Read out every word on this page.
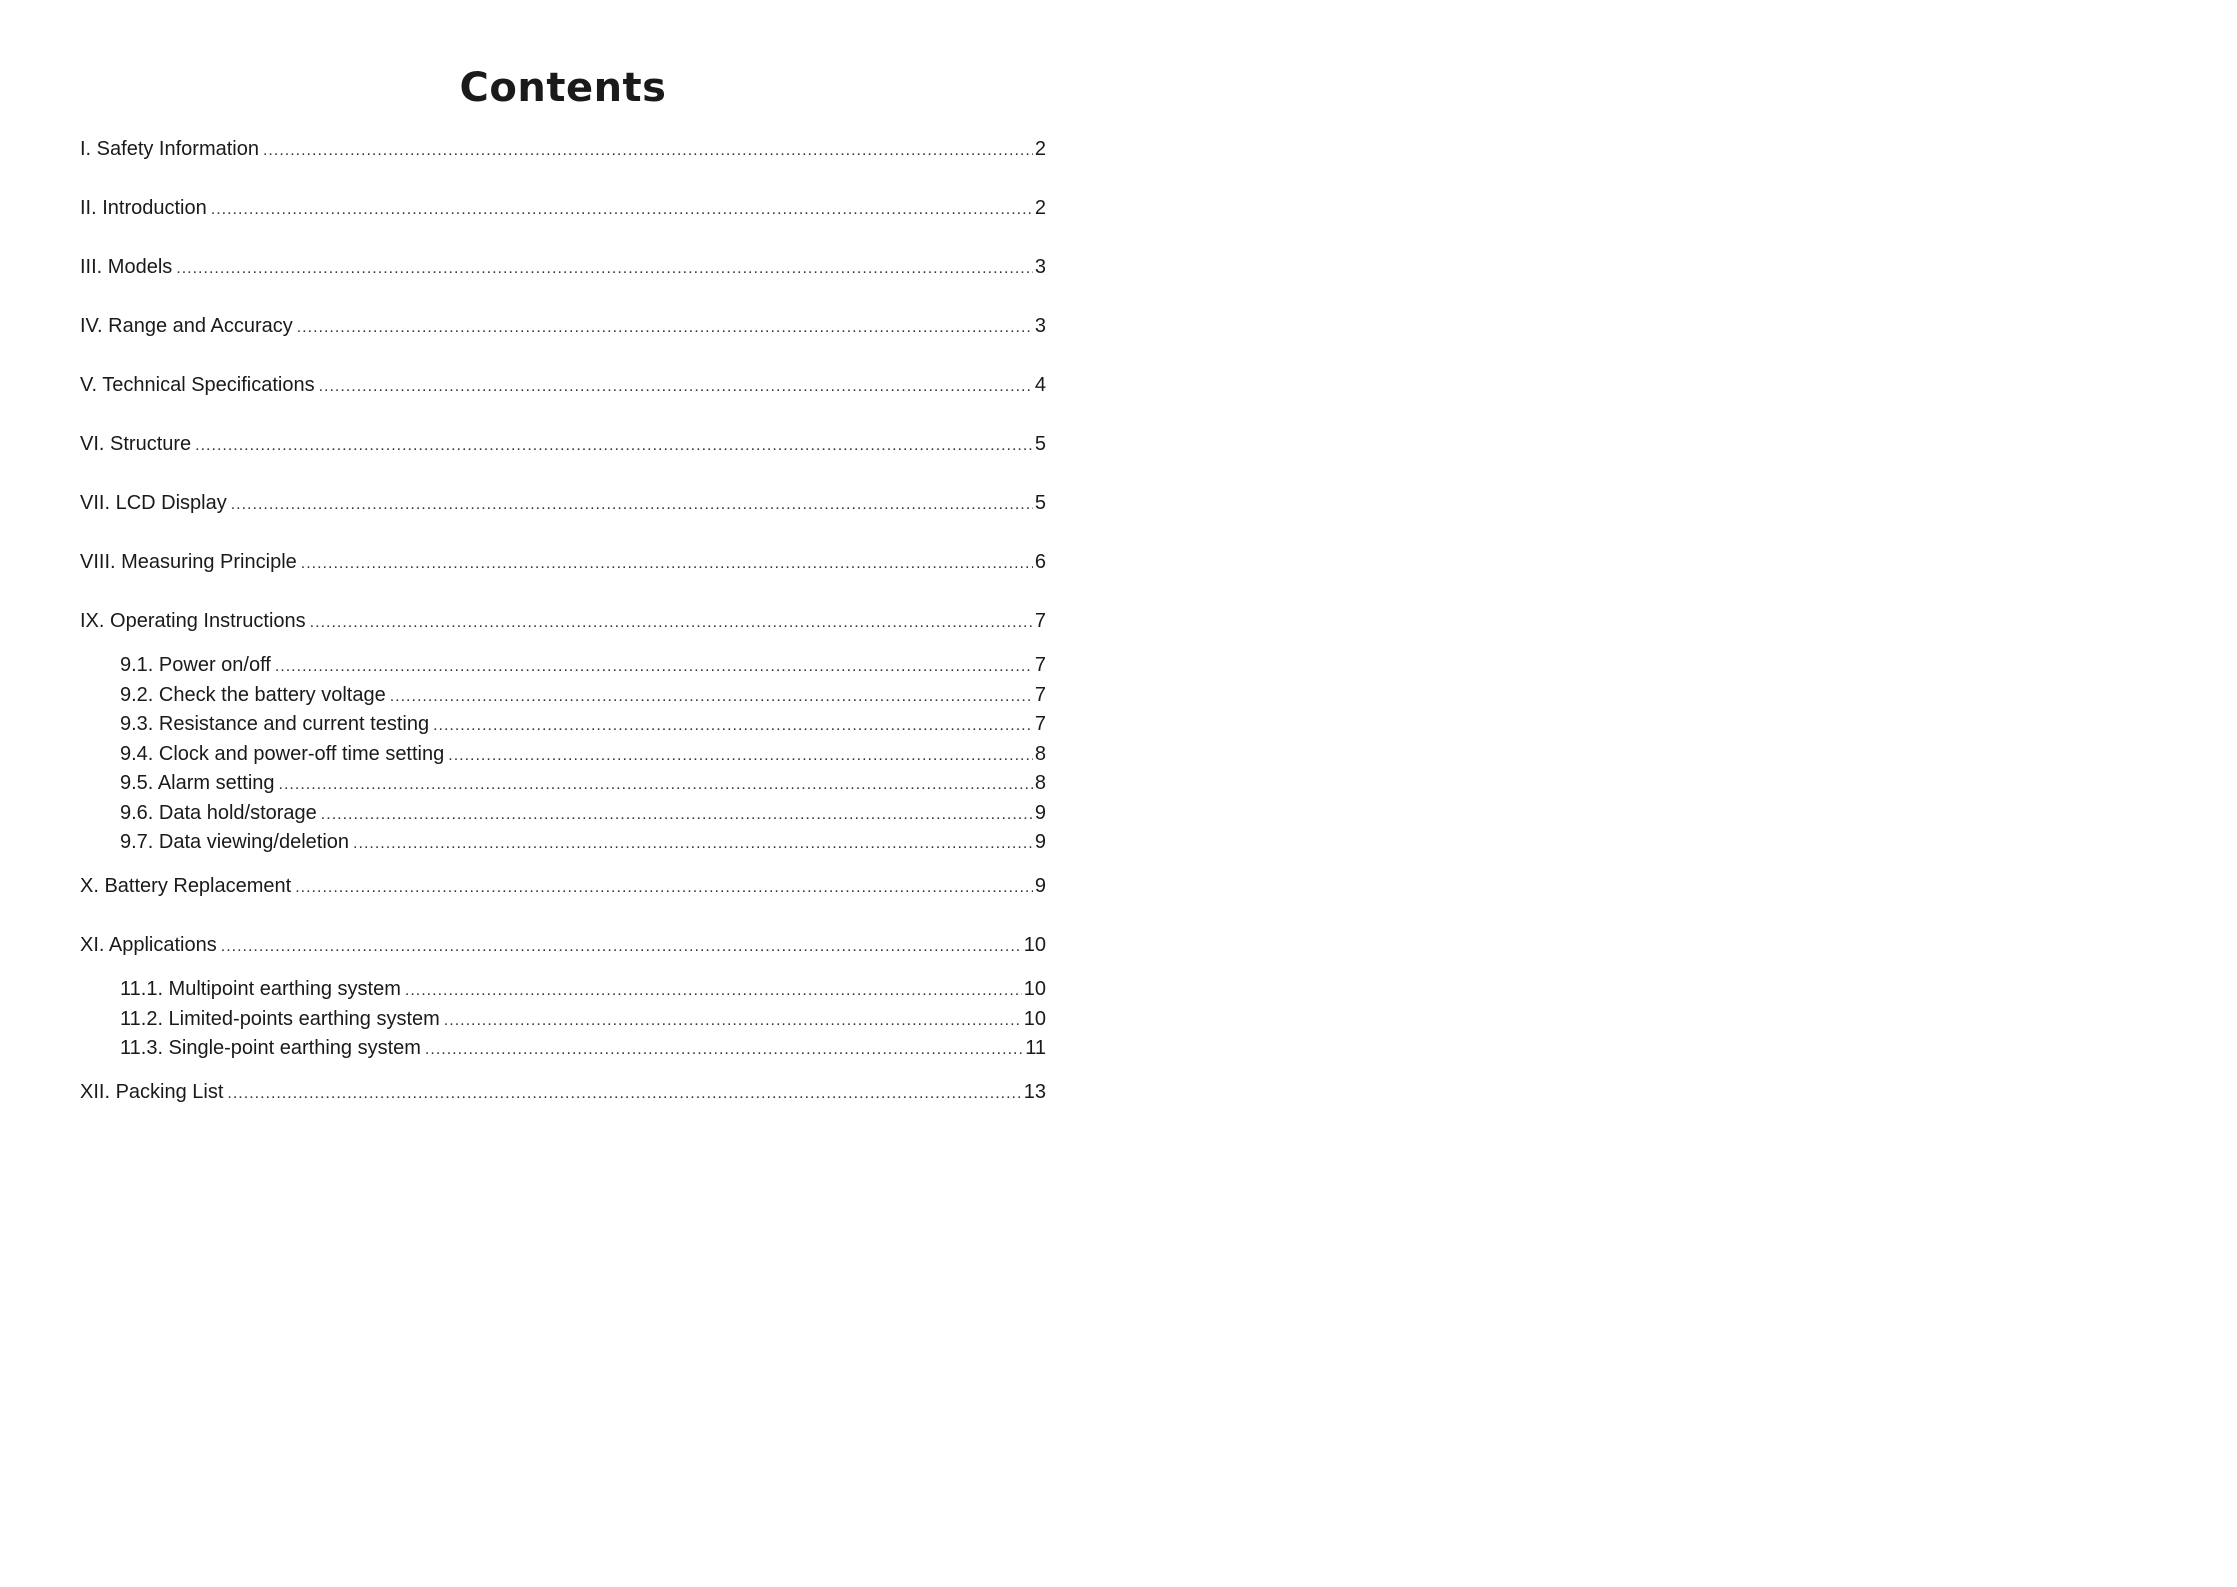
Contents
I. Safety Information .....	2
II. Introduction .....	2
III. Models .....	3
IV. Range and Accuracy .....	3
V. Technical Specifications .....	4
VI. Structure .....	5
VII. LCD Display .....	5
VIII. Measuring Principle .....	6
IX. Operating Instructions .....	7
9.1. Power on/off .....	7
9.2. Check the battery voltage .....	7
9.3. Resistance and current testing .....	7
9.4. Clock and power-off time setting .....	8
9.5. Alarm setting .....	8
9.6. Data hold/storage .....	9
9.7. Data viewing/deletion .....	9
X. Battery Replacement .....	9
XI. Applications .....	10
11.1. Multipoint earthing system .....	10
11.2. Limited-points earthing system .....	10
11.3. Single-point earthing system .....	11
XII. Packing List .....	13
